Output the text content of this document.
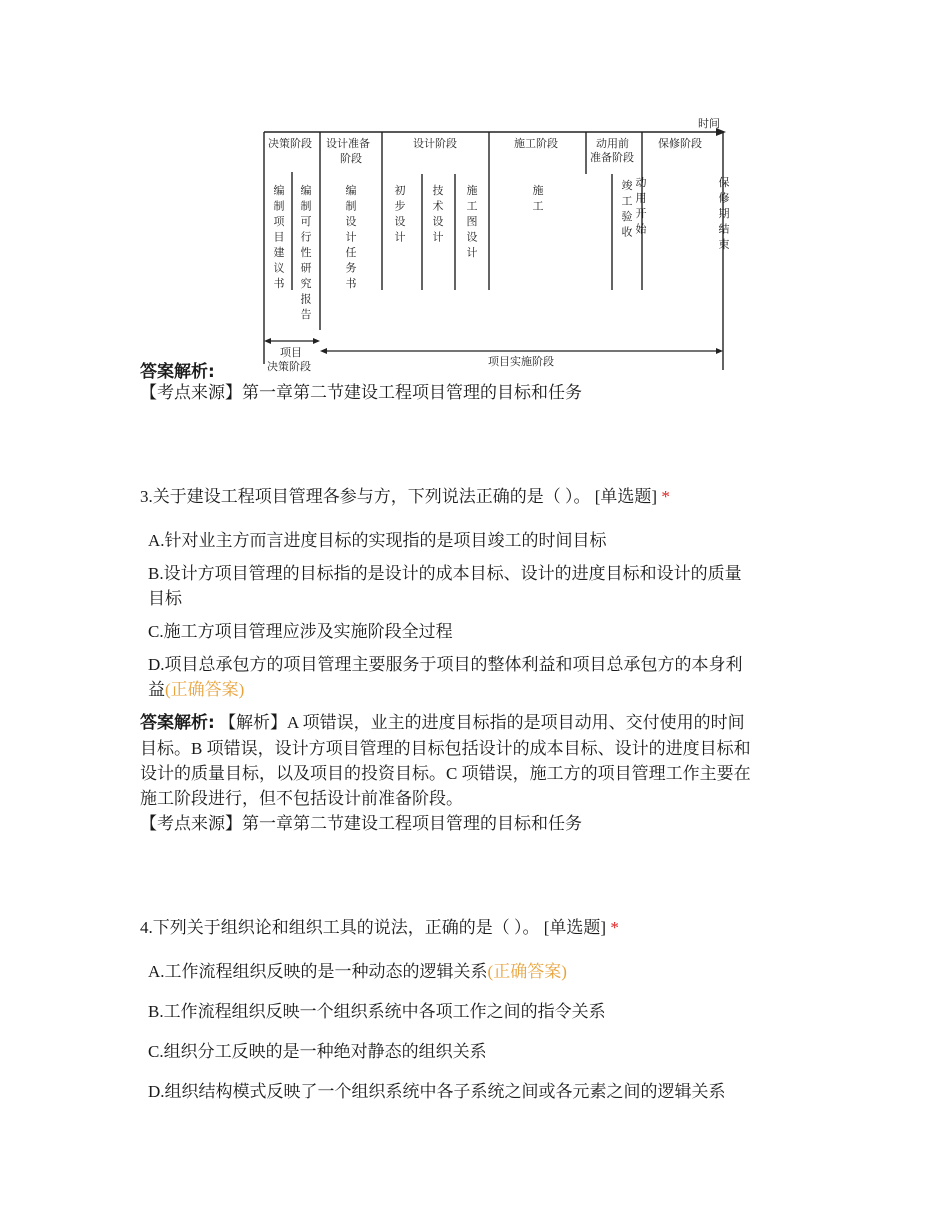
时间
决策阶段 设计准备
阶段
设计阶段	施工阶段	动用前
准备阶段
保修阶段
编制项目建议书
编制可行性研究报告
编制设计任务书
初步设计
技术设计
施工图设计
施工
竣工验收
动用开始
保修期结束
项目
决策阶段	项目实施阶段
答案解析:
【考点来源】第一章第二节建设工程项目管理的目标和任务
3.关于建设工程项目管理各参与方，下列说法正确的是（ ）。 [单选题] *
A.针对业主方而言进度目标的实现指的是项目竣工的时间目标
B.设计方项目管理的目标指的是设计的成本目标、设计的进度目标和设计的质量
目标
C.施工方项目管理应涉及实施阶段全过程
D.项目总承包方的项目管理主要服务于项目的整体利益和项目总承包方的本身利
益(正确答案)
答案解析: 【解析】A 项错误，业主的进度目标指的是项目动用、交付使用的时间
目标。B 项错误，设计方项目管理的目标包括设计的成本目标、设计的进度目标和
设计的质量目标，以及项目的投资目标。C 项错误，施工方的项目管理工作主要在
施工阶段进行，但不包括设计前准备阶段。
【考点来源】第一章第二节建设工程项目管理的目标和任务
4.下列关于组织论和组织工具的说法，正确的是（ ）。 [单选题] *
A.工作流程组织反映的是一种动态的逻辑关系(正确答案)
B.工作流程组织反映一个组织系统中各项工作之间的指令关系
C.组织分工反映的是一种绝对静态的组织关系
D.组织结构模式反映了一个组织系统中各子系统之间或各元素之间的逻辑关系
